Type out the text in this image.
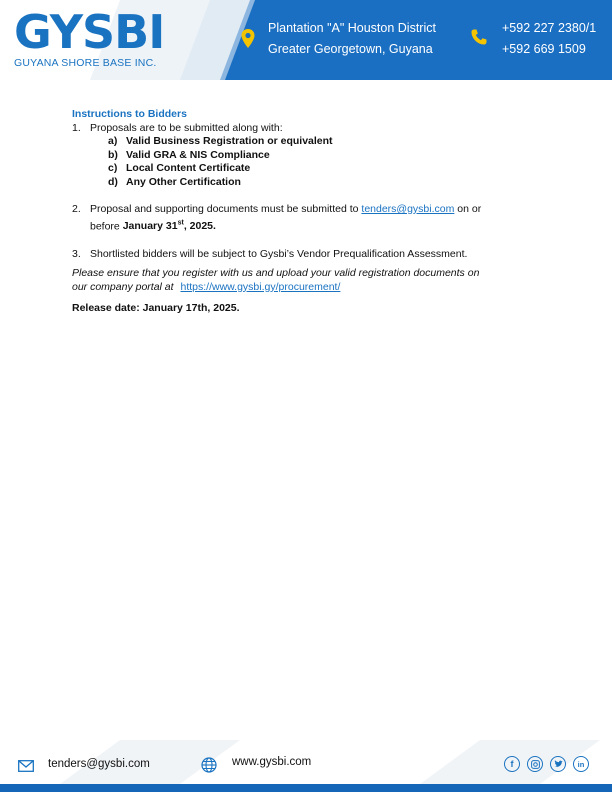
GYSBI
GUYANA SHORE BASE INC.
Plantation "A" Houston District
Greater Georgetown, Guyana
+592 227 2380/1
+592 669 1509
Instructions to Bidders
1. Proposals are to be submitted along with:
a) Valid Business Registration or equivalent
b) Valid GRA & NIS Compliance
c) Local Content Certificate
d) Any Other Certification
2. Proposal and supporting documents must be submitted to tenders@gysbi.com on or
before January 31st, 2025.
3. Shortlisted bidders will be subject to Gysbi’s Vendor Prequalification Assessment.
Please ensure that you register with us and upload your valid registration documents on
our company portal at https://www.gysbi.gy/procurement/
Release date: January 17th, 2025.
tenders@gysbi.com	www.gysbi.com	f	in
